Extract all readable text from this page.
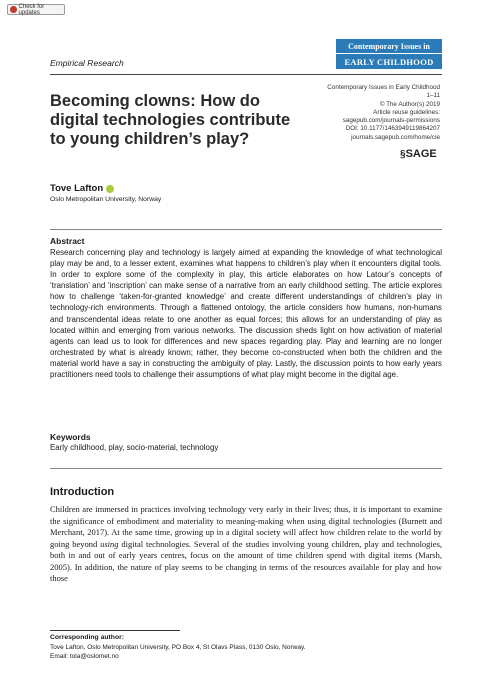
Check for updates
Contemporary Issues in
EARLY CHILDHOOD
Empirical Research
Becoming clowns: How do digital technologies contribute to young children’s play?
Contemporary Issues in Early Childhood
1–11
© The Author(s) 2019
Article reuse guidelines:
sagepub.com/journals-permissions
DOI: 10.1177/1463949119864207
journals.sagepub.com/home/cie
§SAGE
Tove Lafton
Oslo Metropolitan University, Norway
Abstract
Research concerning play and technology is largely aimed at expanding the knowledge of what technological play may be and, to a lesser extent, examines what happens to children’s play when it encounters digital tools. In order to explore some of the complexity in play, this article elaborates on how Latour’s concepts of ‘translation’ and ‘inscription’ can make sense of a narrative from an early childhood setting. The article explores how to challenge ‘taken-for-granted knowledge’ and create different understandings of children’s play in technology-rich environments. Through a flattened ontology, the article considers how humans, non-humans and transcendental ideas relate to one another as equal forces; this allows for an understanding of play as located within and emerging from various networks. The discussion sheds light on how activation of material agents can lead us to look for differences and new spaces regarding play. Play and learning are no longer orchestrated by what is already known; rather, they become co-constructed when both the children and the material world have a say in constructing the ambiguity of play. Lastly, the discussion points to how early years practitioners need tools to challenge their assumptions of what play might become in the digital age.
Keywords
Early childhood, play, socio-material, technology
Introduction
Children are immersed in practices involving technology very early in their lives; thus, it is important to examine the significance of embodiment and materiality to meaning-making when using digital technologies (Burnett and Merchant, 2017). At the same time, growing up in a digital society will affect how children relate to the world by going beyond using digital technologies. Several of the studies involving young children, play and technologies, both in and out of early years centres, focus on the amount of time children spend with digital items (Marsh, 2005). In addition, the nature of play seems to be changing in terms of the resources available for play and how those
Corresponding author:
Tove Lafton, Oslo Metropolitan University, PO Box 4, St Olavs Plass, 0130 Oslo, Norway.
Email: tola@oslomet.no
